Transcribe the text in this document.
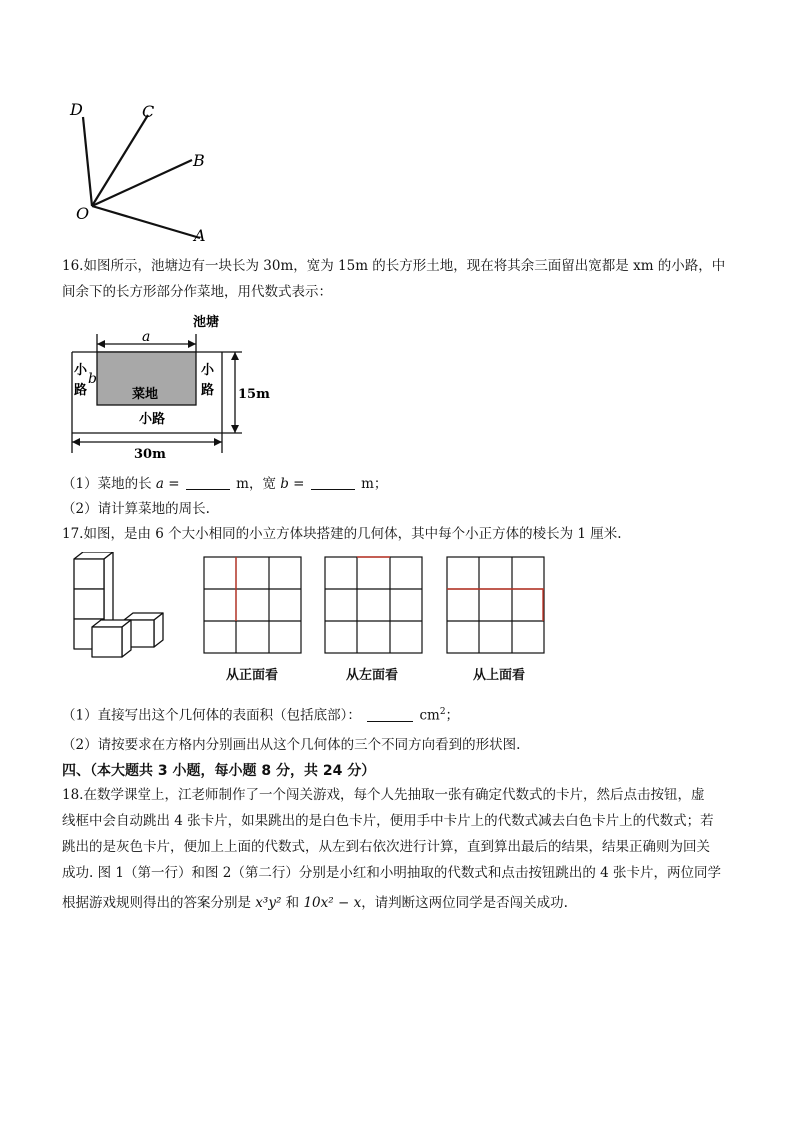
D	C
B
O
A
16.如图所示，池塘边有一块长为 30m，宽为 15m 的长方形土地，现在将其余三面留出宽都是 xm 的小路，中
间余下的长方形部分作菜地，用代数式表示：
池塘
a
b
小
路
小
路
菜地
小路
15m
30m
（1）菜地的长 a =	m，宽 b =	m；
（2）请计算菜地的周长.
17.如图，是由 6 个大小相同的小立方体块搭建的几何体，其中每个小正方体的棱长为 1 厘米.
从正面看	从左面看	从上面看
（1）直接写出这个几何体的表面积（包括底部）：	$cm^2$；
（2）请按要求在方格内分别画出从这个几何体的三个不同方向看到的形状图.
四、（本大题共 3 小题，每小题 8 分，共 24 分）
18.在数学课堂上，江老师制作了一个闯关游戏，每个人先抽取一张有确定代数式的卡片，然后点击按钮，虚
线框中会自动跳出 4 张卡片，如果跳出的是白色卡片，便用手中卡片上的代数式减去白色卡片上的代数式；若
跳出的是灰色卡片，便加上上面的代数式，从左到右依次进行计算，直到算出最后的结果，结果正确则为回关
成功. 图 1（第一行）和图 2（第二行）分别是小红和小明抽取的代数式和点击按钮跳出的 4 张卡片，两位同学
根据游戏规则得出的答案分别是 x³y² 和 10x² − x，请判断这两位同学是否闯关成功.
